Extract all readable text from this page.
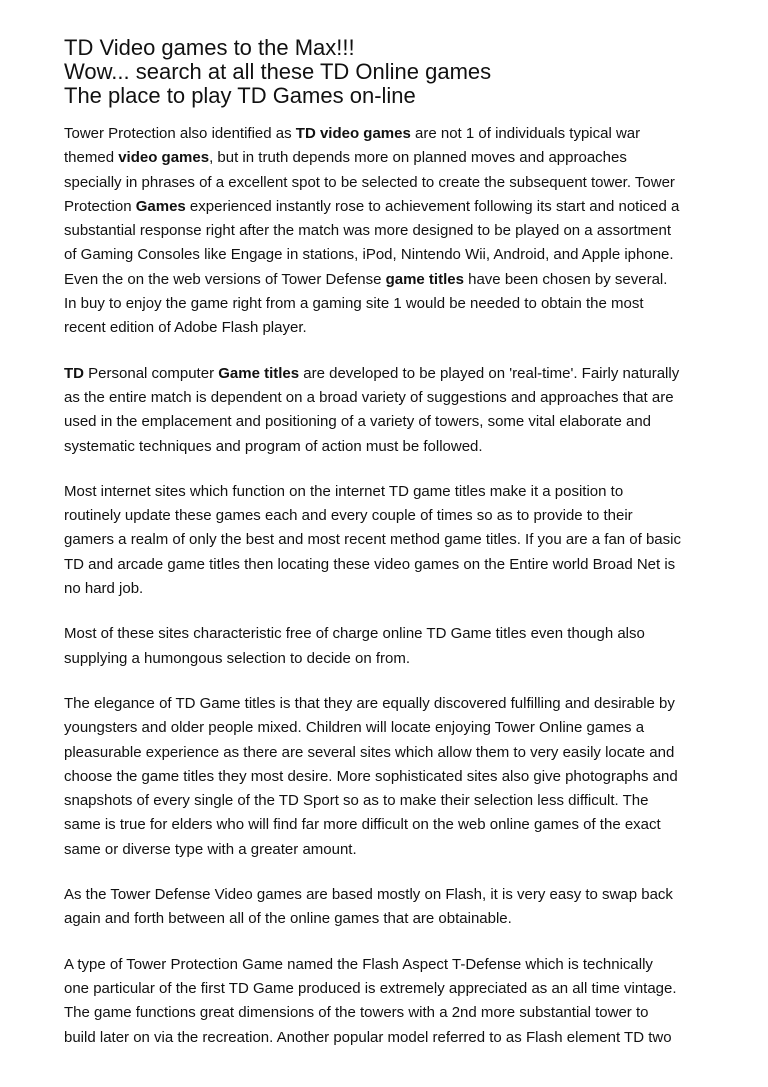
TD Video games to the Max!!!
Wow... search at all these TD Online games
The place to play TD Games on-line

Tower Protection also identified as TD video games are not 1 of individuals typical war
themed video games, but in truth depends more on planned moves and approaches
specially in phrases of a excellent spot to be selected to create the subsequent tower. Tower
Protection Games experienced instantly rose to achievement following its start and noticed a
substantial response right after the match was more designed to be played on a assortment
of Gaming Consoles like Engage in stations, iPod, Nintendo Wii, Android, and Apple iphone.
Even the on the web versions of Tower Defense game titles have been chosen by several.
In buy to enjoy the game right from a gaming site 1 would be needed to obtain the most
recent edition of Adobe Flash player.

TD Personal computer Game titles are developed to be played on 'real-time'. Fairly naturally
as the entire match is dependent on a broad variety of suggestions and approaches that are
used in the emplacement and positioning of a variety of towers, some vital elaborate and
systematic techniques and program of action must be followed.

Most internet sites which function on the internet TD game titles make it a position to
routinely update these games each and every couple of times so as to provide to their
gamers a realm of only the best and most recent method game titles. If you are a fan of basic
TD and arcade game titles then locating these video games on the Entire world Broad Net is
no hard job.

Most of these sites characteristic free of charge online TD Game titles even though also
supplying a humongous selection to decide on from.

The elegance of TD Game titles is that they are equally discovered fulfilling and desirable by
youngsters and older people mixed. Children will locate enjoying Tower Online games a
pleasurable experience as there are several sites which allow them to very easily locate and
choose the game titles they most desire. More sophisticated sites also give photographs and
snapshots of every single of the TD Sport so as to make their selection less difficult. The
same is true for elders who will find far more difficult on the web online games of the exact
same or diverse type with a greater amount.

As the Tower Defense Video games are based mostly on Flash, it is very easy to swap back
again and forth between all of the online games that are obtainable.

A type of Tower Protection Game named the Flash Aspect T-Defense which is technically
one particular of the first TD Game produced is extremely appreciated as an all time vintage.
The game functions great dimensions of the towers with a 2nd more substantial tower to
build later on via the recreation. Another popular model referred to as Flash element TD two
